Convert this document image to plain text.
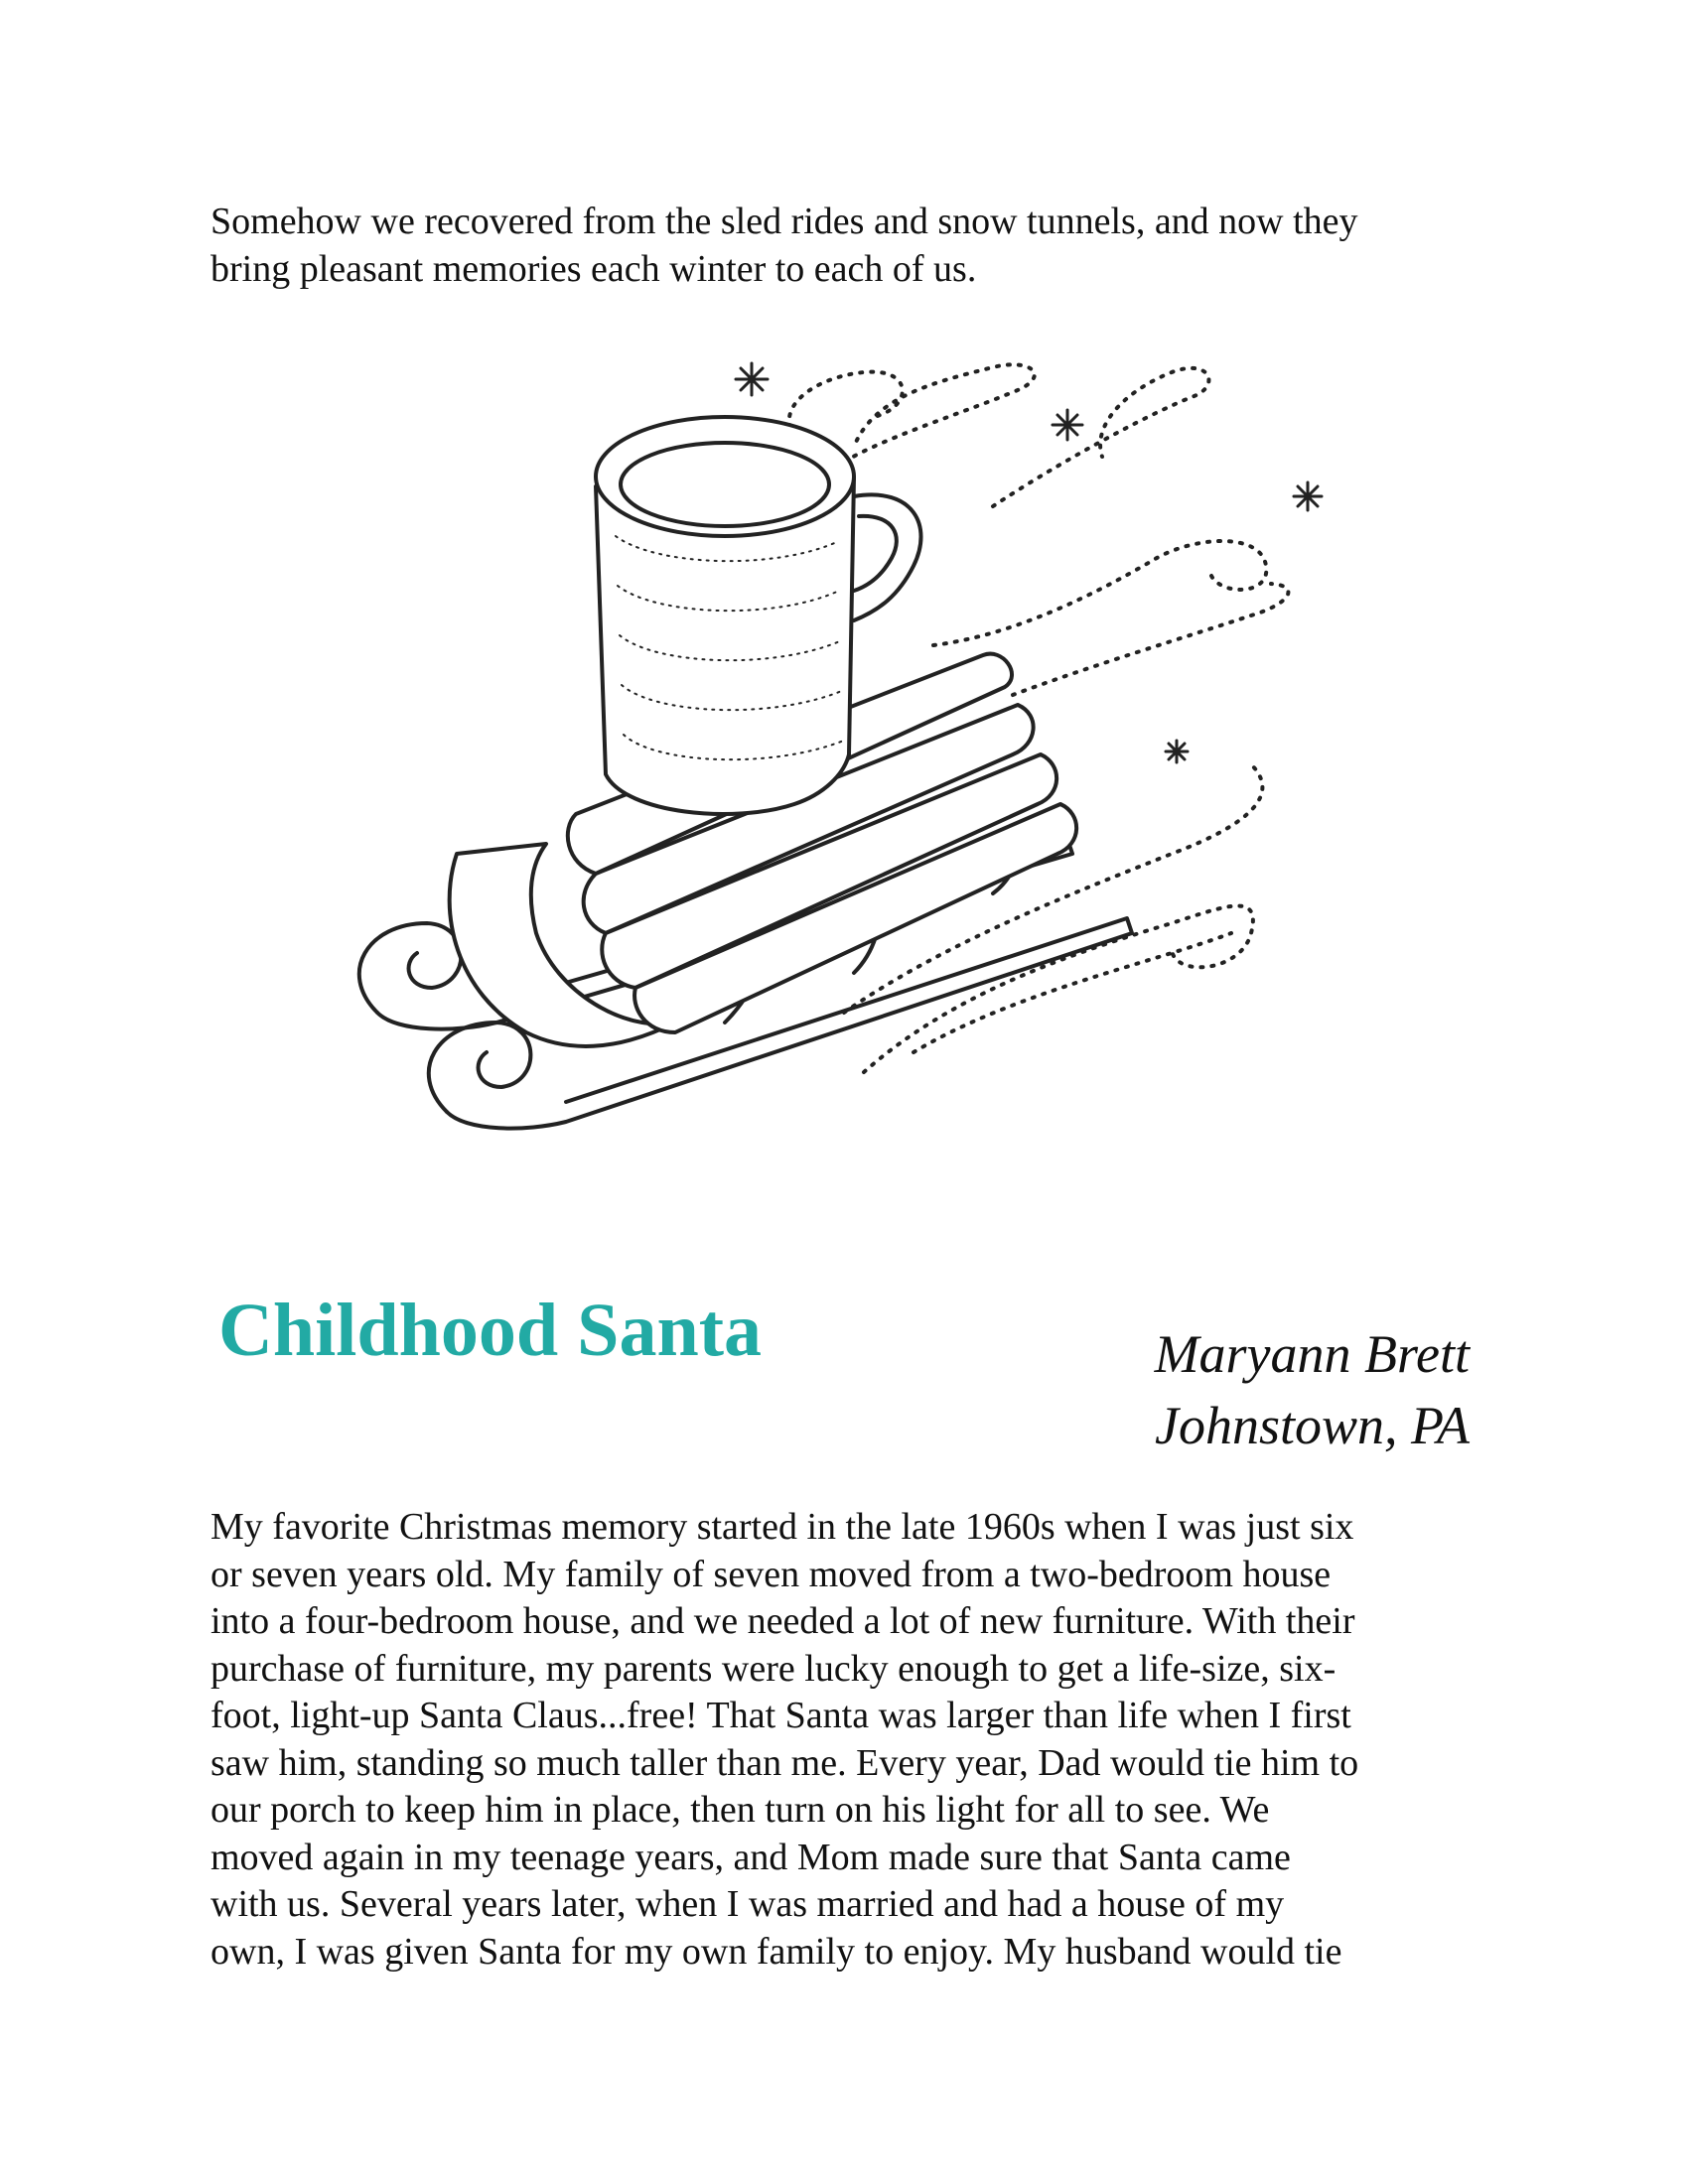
Somehow we recovered from the sled rides and snow tunnels, and now they
bring pleasant memories each winter to each of us.

Childhood Santa	Maryann Brett
Johnstown, PA

My favorite Christmas memory started in the late 1960s when I was just six
or seven years old. My family of seven moved from a two-bedroom house
into a four-bedroom house, and we needed a lot of new furniture. With their
purchase of furniture, my parents were lucky enough to get a life-size, six-
foot, light-up Santa Claus...free! That Santa was larger than life when I first
saw him, standing so much taller than me. Every year, Dad would tie him to
our porch to keep him in place, then turn on his light for all to see. We
moved again in my teenage years, and Mom made sure that Santa came
with us. Several years later, when I was married and had a house of my
own, I was given Santa for my own family to enjoy. My husband would tie
